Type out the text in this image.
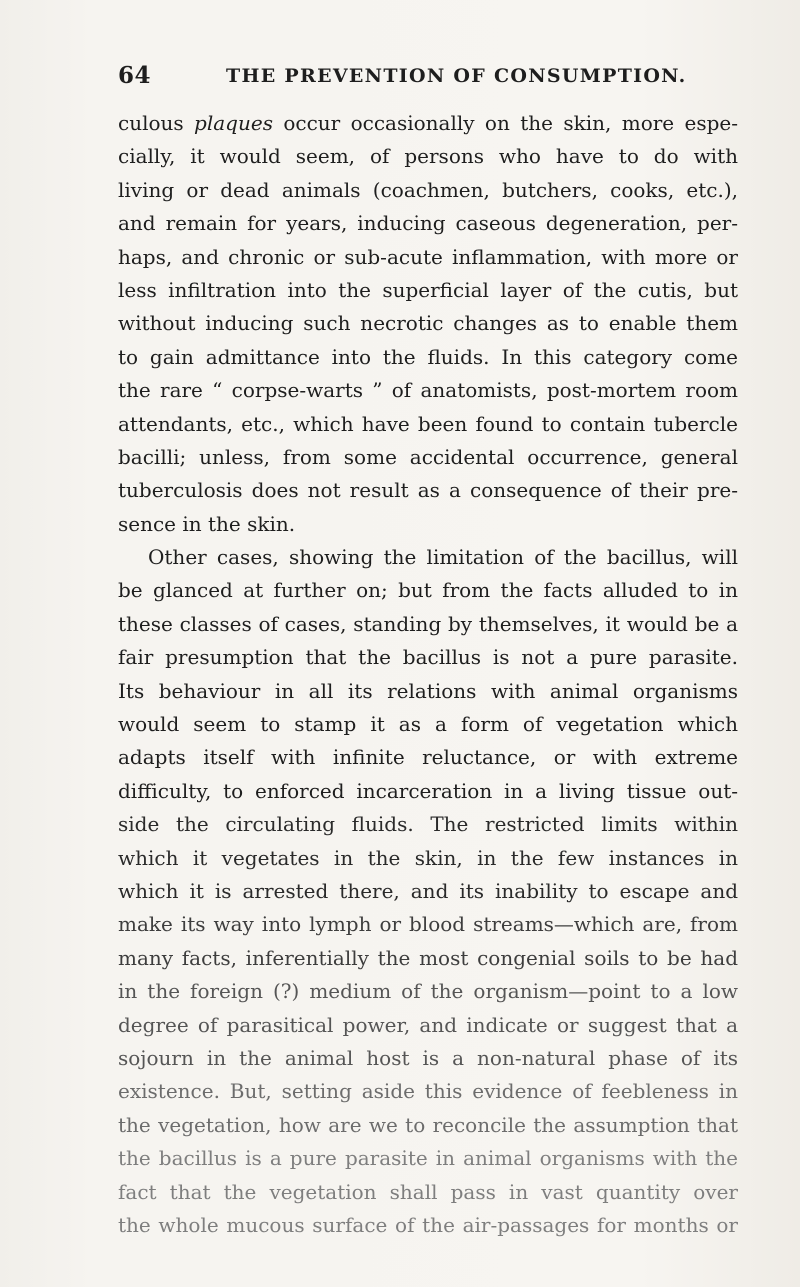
64	THE PREVENTION OF CONSUMPTION.
culous plaques occur occasionally on the skin, more espe-
cially, it would seem, of persons who have to do with
living or dead animals (coachmen, butchers, cooks, etc.),
and remain for years, inducing caseous degeneration, per-
haps, and chronic or sub-acute inflammation, with more or
less infiltration into the superficial layer of the cutis, but
without inducing such necrotic changes as to enable them
to gain admittance into the fluids. In this category come
the rare “ corpse-warts ” of anatomists, post-mortem room
attendants, etc., which have been found to contain tubercle
bacilli; unless, from some accidental occurrence, general
tuberculosis does not result as a consequence of their pre-
sence in the skin.
Other cases, showing the limitation of the bacillus, will
be glanced at further on; but from the facts alluded to in
these classes of cases, standing by themselves, it would be a
fair presumption that the bacillus is not a pure parasite.
Its behaviour in all its relations with animal organisms
would seem to stamp it as a form of vegetation which
adapts itself with infinite reluctance, or with extreme
difficulty, to enforced incarceration in a living tissue out-
side the circulating fluids. The restricted limits within
which it vegetates in the skin, in the few instances in
which it is arrested there, and its inability to escape and
make its way into lymph or blood streams—which are, from
many facts, inferentially the most congenial soils to be had
in the foreign (?) medium of the organism—point to a low
degree of parasitical power, and indicate or suggest that a
sojourn in the animal host is a non-natural phase of its
existence. But, setting aside this evidence of feebleness in
the vegetation, how are we to reconcile the assumption that
the bacillus is a pure parasite in animal organisms with the
fact that the vegetation shall pass in vast quantity over
the whole mucous surface of the air-passages for months or
